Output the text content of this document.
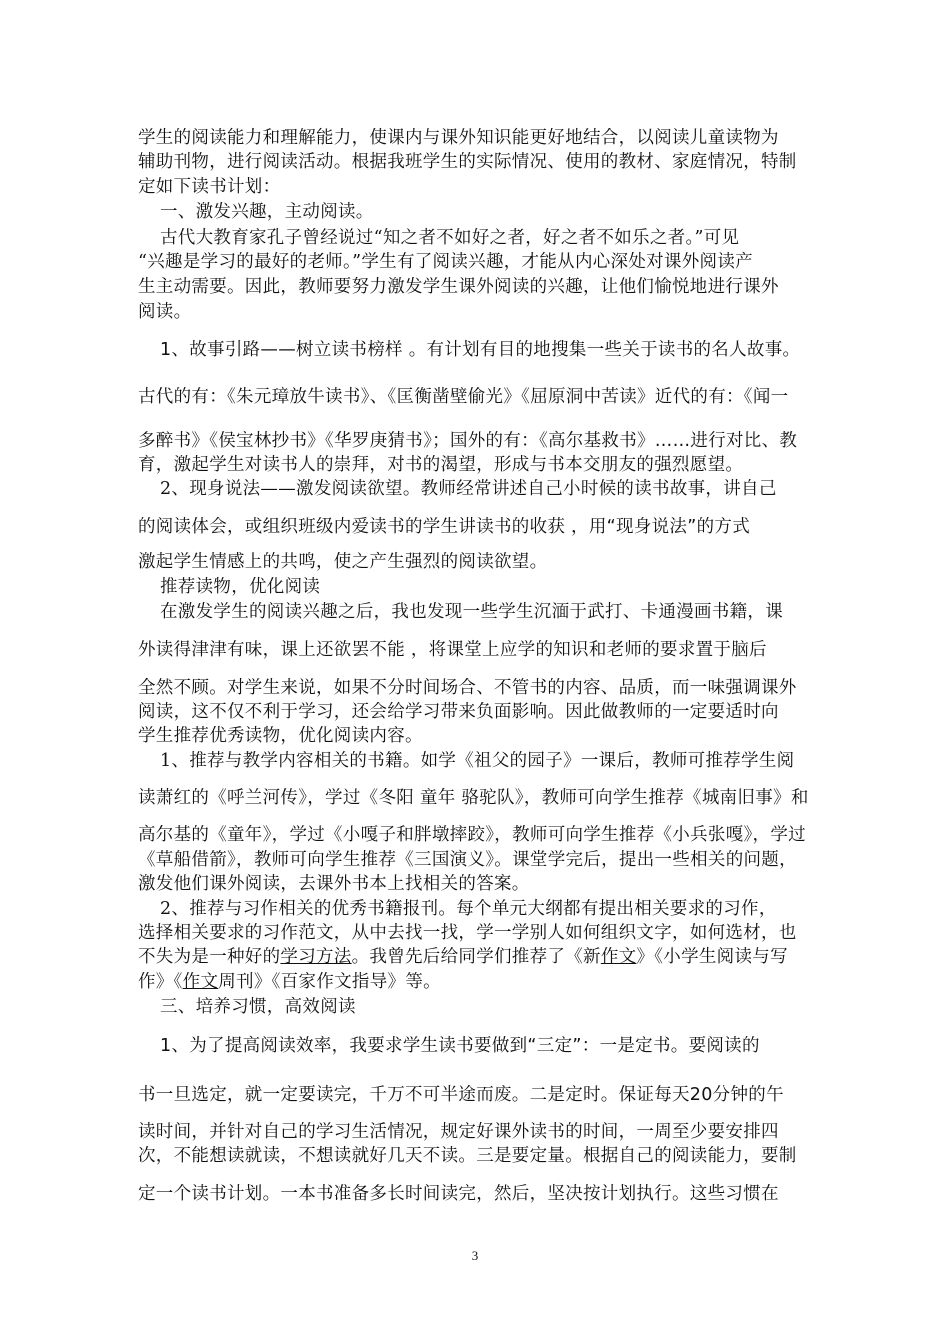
学生的阅读能力和理解能力，使课内与课外知识能更好地结合，以阅读儿童读物为
辅助刊物，进行阅读活动。根据我班学生的实际情况、使用的教材、家庭情况，特制
定如下读书计划：
一、激发兴趣，主动阅读。
古代大教育家孔子曾经说过“知之者不如好之者，好之者不如乐之者。”可见
“兴趣是学习的最好的老师。”学生有了阅读兴趣，才能从内心深处对课外阅读产
生主动需要。因此，教师要努力激发学生课外阅读的兴趣，让他们愉悦地进行课外
阅读。
1、故事引路——树立读书榜样 。有计划有目的地搜集一些关于读书的名人故事。
古代的有：《朱元璋放牛读书》、《匡衡凿壁偷光》《屈原洞中苦读》近代的有：《闻一
多醉书》《侯宝林抄书》《华罗庚猜书》；国外的有：《高尔基救书》……进行对比、教
育，激起学生对读书人的崇拜，对书的渴望，形成与书本交朋友的强烈愿望。
2、现身说法——激发阅读欲望。教师经常讲述自己小时候的读书故事，讲自己
的阅读体会，或组织班级内爱读书的学生讲读书的收获 ，用“现身说法”的方式
激起学生情感上的共鸣，使之产生强烈的阅读欲望。
推荐读物，优化阅读
在激发学生的阅读兴趣之后，我也发现一些学生沉湎于武打、卡通漫画书籍，课
外读得津津有味，课上还欲罢不能 ，将课堂上应学的知识和老师的要求置于脑后
全然不顾。对学生来说，如果不分时间场合、不管书的内容、品质，而一味强调课外
阅读，这不仅不利于学习，还会给学习带来负面影响。因此做教师的一定要适时向
学生推荐优秀读物，优化阅读内容。
1、推荐与教学内容相关的书籍。如学《祖父的园子》一课后，教师可推荐学生阅
读萧红的《呼兰河传》，学过《冬阳 童年 骆驼队》，教师可向学生推荐《城南旧事》和
高尔基的《童年》，学过《小嘎子和胖墩摔跤》，教师可向学生推荐《小兵张嘎》，学过
《草船借箭》，教师可向学生推荐《三国演义》。课堂学完后，提出一些相关的问题，
激发他们课外阅读，去课外书本上找相关的答案。
2、推荐与习作相关的优秀书籍报刊。每个单元大纲都有提出相关要求的习作，
选择相关要求的习作范文，从中去找一找，学一学别人如何组织文字，如何选材，也
不失为是一种好的学习方法。我曾先后给同学们推荐了《新作文》《小学生阅读与写
作》《作文周刊》《百家作文指导》等。
三、培养习惯，高效阅读
1、为了提高阅读效率，我要求学生读书要做到“三定”：一是定书。要阅读的
书一旦选定，就一定要读完，千万不可半途而废。二是定时。保证每天20分钟的午
读时间，并针对自己的学习生活情况，规定好课外读书的时间，一周至少要安排四
次，不能想读就读，不想读就好几天不读。三是要定量。根据自己的阅读能力，要制
定一个读书计划。一本书准备多长时间读完，然后，坚决按计划执行。这些习惯在
3
